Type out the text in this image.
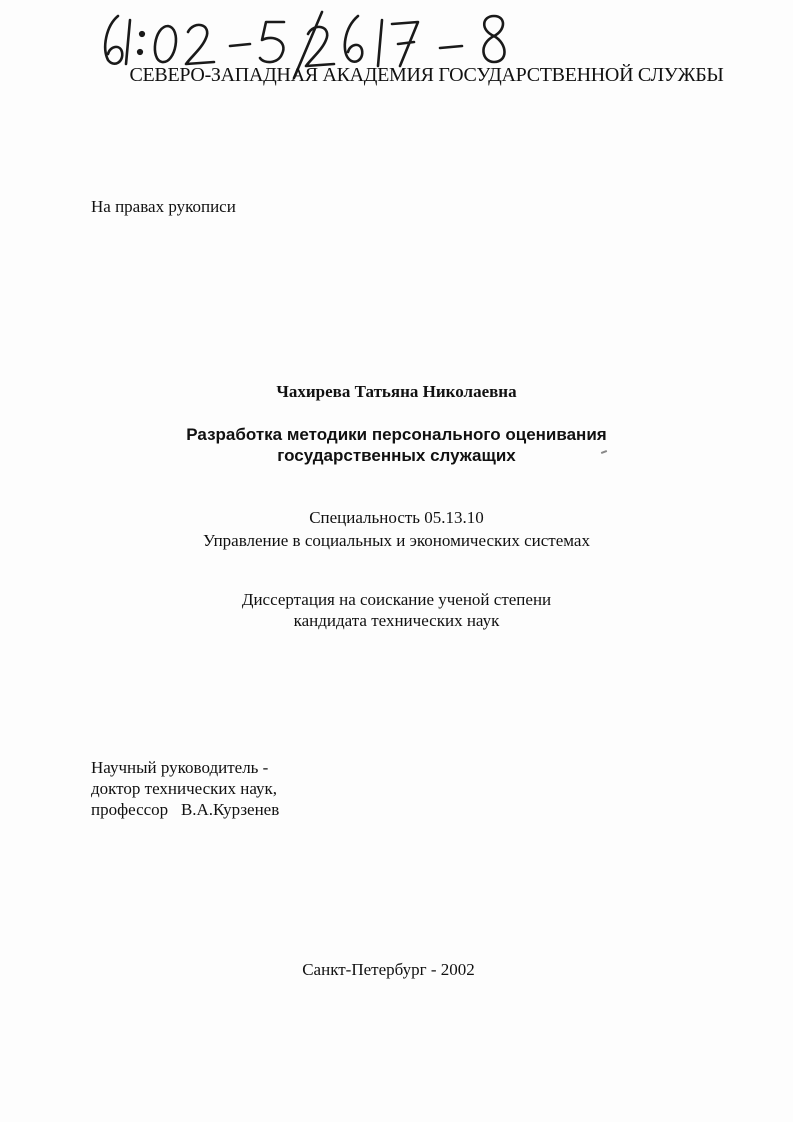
СЕВЕРО-ЗАПАДНАЯ АКАДЕМИЯ ГОСУДАРСТВЕННОЙ СЛУЖБЫ
На правах рукописи
Чахирева Татьяна Николаевна
Разработка методики персонального оценивания
государственных служащих
Специальность 05.13.10
Управление в социальных и экономических системах
Диссертация на соискание ученой степени
кандидата технических наук
Научный руководитель -
доктор технических наук,
профессор В.А.Курзенев
Санкт-Петербург - 2002
